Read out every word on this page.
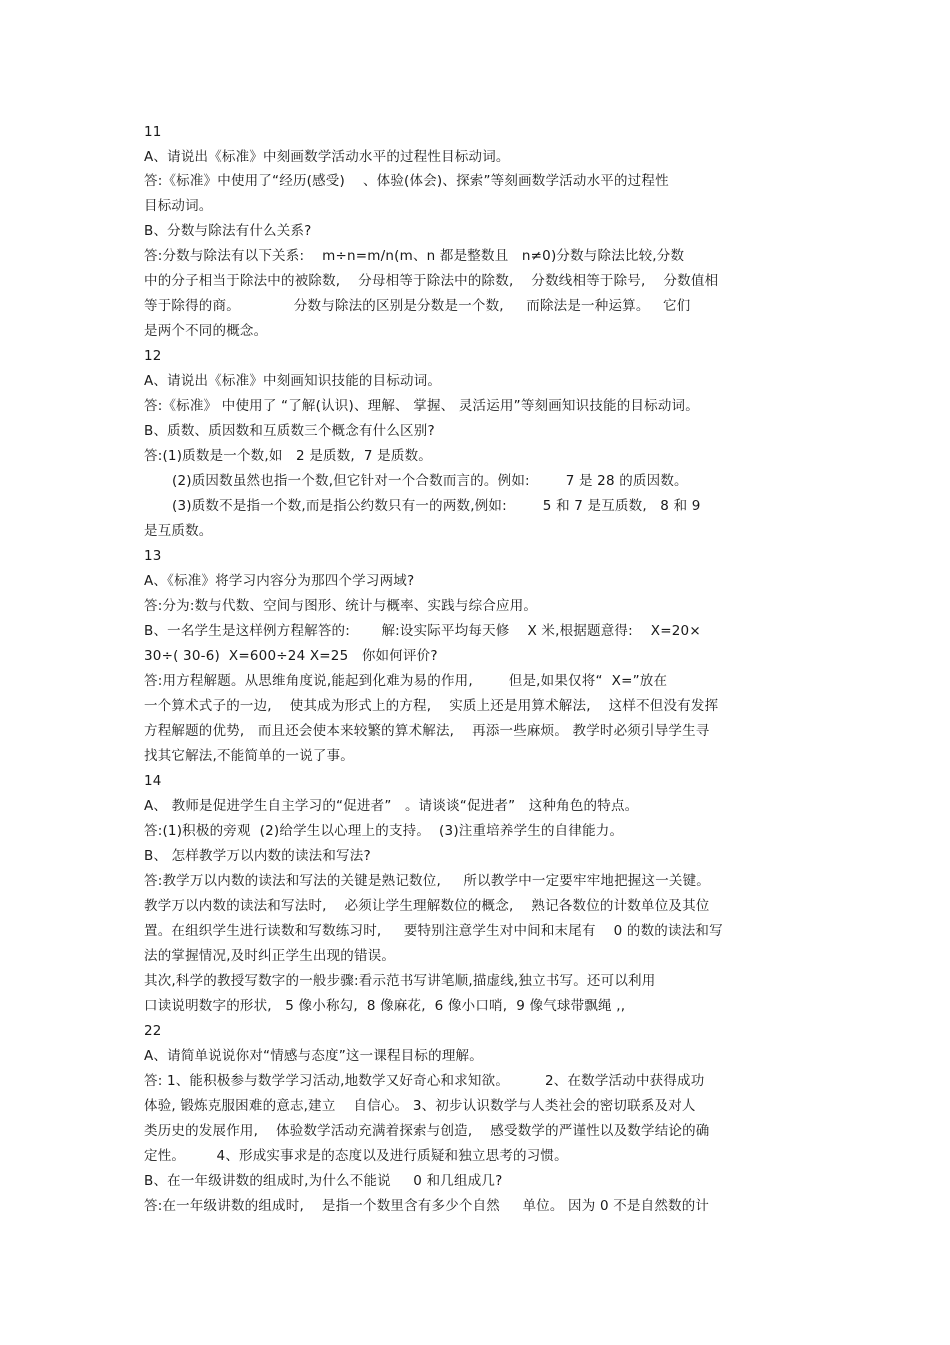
11
A、请说出《标准》中刻画数学活动水平的过程性目标动词。
答:《标准》中使用了“经历(感受)    、体验(体会)、探索”等刻画数学活动水平的过程性
目标动词。
B、分数与除法有什么关系?
答:分数与除法有以下关系:    m÷n=m/n(m、n 都是整数且   n≠0)分数与除法比较,分数
中的分子相当于除法中的被除数,    分母相等于除法中的除数,    分数线相等于除号,    分数值相
等于除得的商。            分数与除法的区别是分数是一个数,     而除法是一种运算。   它们
是两个不同的概念。
12
A、请说出《标准》中刻画知识技能的目标动词。
答:《标准》 中使用了 “了解(认识)、理解、 掌握、 灵活运用”等刻画知识技能的目标动词。
B、质数、质因数和互质数三个概念有什么区别?
答:(1)质数是一个数,如   2 是质数,  7 是质数。
(2)质因数虽然也指一个数,但它针对一个合数而言的。例如:        7 是 28 的质因数。
(3)质数不是指一个数,而是指公约数只有一的两数,例如:        5 和 7 是互质数,   8 和 9
是互质数。
13
A、《标准》将学习内容分为那四个学习两域?
答:分为:数与代数、空间与图形、统计与概率、实践与综合应用。
B、一名学生是这样例方程解答的:       解:设实际平均每天修    X 米,根据题意得:    X=20×
30÷( 30-6)  X=600÷24 X=25   你如何评价?
答:用方程解题。从思维角度说,能起到化难为易的作用,        但是,如果仅将“  X=”放在
一个算术式子的一边,    使其成为形式上的方程,    实质上还是用算术解法,    这样不但没有发挥
方程解题的优势,   而且还会使本来较繁的算术解法,    再添一些麻烦。 教学时必须引导学生寻
找其它解法,不能简单的一说了事。
14
A、 教师是促进学生自主学习的“促进者”   。请谈谈“促进者”   这种角色的特点。
答:(1)积极的旁观  (2)给学生以心理上的支持。  (3)注重培养学生的自律能力。
B、 怎样教学万以内数的读法和写法?
答:教学万以内数的读法和写法的关键是熟记数位,     所以教学中一定要牢牢地把握这一关键。
教学万以内数的读法和写法时,    必须让学生理解数位的概念,    熟记各数位的计数单位及其位
置。在组织学生进行读数和写数练习时,     要特别注意学生对中间和末尾有    0 的数的读法和写
法的掌握情况,及时纠正学生出现的错误。
其次,科学的教授写数字的一般步骤:看示范书写讲笔顺,描虚线,独立书写。还可以利用
口读说明数字的形状,   5 像小称勾,  8 像麻花,  6 像小口哨,  9 像气球带飘绳 ,,
22
A、请简单说说你对“情感与态度”这一课程目标的理解。
答: 1、能积极参与数学学习活动,地数学又好奇心和求知欲。        2、在数学活动中获得成功
体验, 锻炼克服困难的意志,建立    自信心。 3、初步认识数学与人类社会的密切联系及对人
类历史的发展作用,    体验数学活动充满着探索与创造,    感受数学的严谨性以及数学结论的确
定性。       4、形成实事求是的态度以及进行质疑和独立思考的习惯。
B、在一年级讲数的组成时,为什么不能说     0 和几组成几?
答:在一年级讲数的组成时,    是指一个数里含有多少个自然     单位。 因为 0 不是自然数的计
